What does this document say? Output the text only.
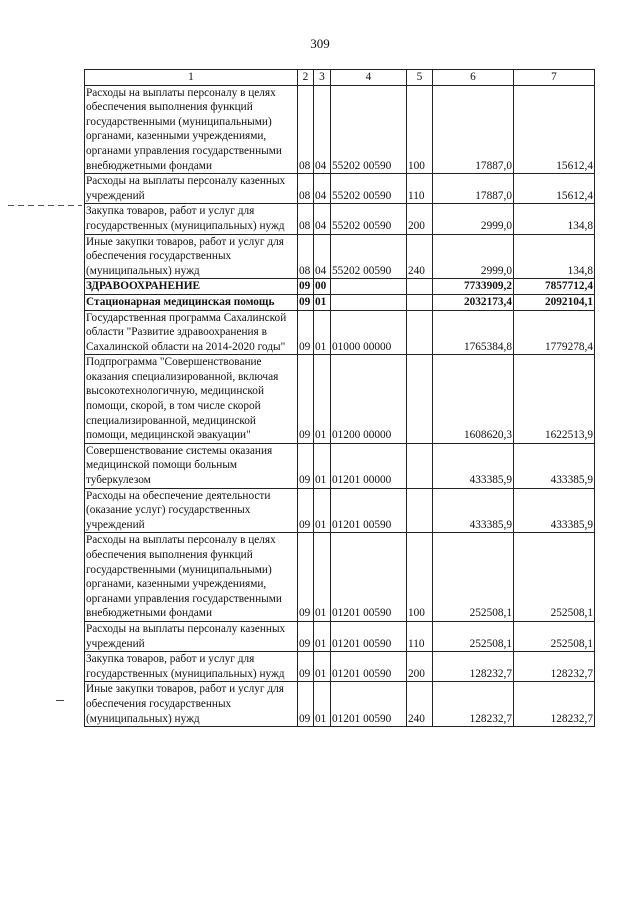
309
1	2	3	4	5	6	7
Расходы на выплаты персоналу в целях обеспечения выполнения функций государственными (муниципальными) органами, казенными учреждениями, органами управления государственными внебюджетными фондами	08	04	55202 00590	100	17887,0	15612,4
Расходы на выплаты персоналу казенных учреждений	08	04	55202 00590	110	17887,0	15612,4
Закупка товаров, работ и услуг для государственных (муниципальных) нужд	08	04	55202 00590	200	2999,0	134,8
Иные закупки товаров, работ и услуг для обеспечения государственных (муниципальных) нужд	08	04	55202 00590	240	2999,0	134,8
ЗДРАВООХРАНЕНИЕ	09	00			7733909,2	7857712,4
Стационарная медицинская помощь	09	01			2032173,4	2092104,1
Государственная программа Сахалинской области "Развитие здравоохранения в Сахалинской области на 2014-2020 годы"	09	01	01000 00000		1765384,8	1779278,4
Подпрограмма "Совершенствование оказания специализированной, включая высокотехнологичную, медицинской помощи, скорой, в том числе скорой специализированной, медицинской помощи, медицинской эвакуации"	09	01	01200 00000		1608620,3	1622513,9
Совершенствование системы оказания медицинской помощи больным туберкулезом	09	01	01201 00000		433385,9	433385,9
Расходы на обеспечение деятельности (оказание услуг) государственных учреждений	09	01	01201 00590		433385,9	433385,9
Расходы на выплаты персоналу в целях обеспечения выполнения функций государственными (муниципальными) органами, казенными учреждениями, органами управления государственными внебюджетными фондами	09	01	01201 00590	100	252508,1	252508,1
Расходы на выплаты персоналу казенных учреждений	09	01	01201 00590	110	252508,1	252508,1
Закупка товаров, работ и услуг для государственных (муниципальных) нужд	09	01	01201 00590	200	128232,7	128232,7
Иные закупки товаров, работ и услуг для обеспечения государственных (муниципальных) нужд	09	01	01201 00590	240	128232,7	128232,7
